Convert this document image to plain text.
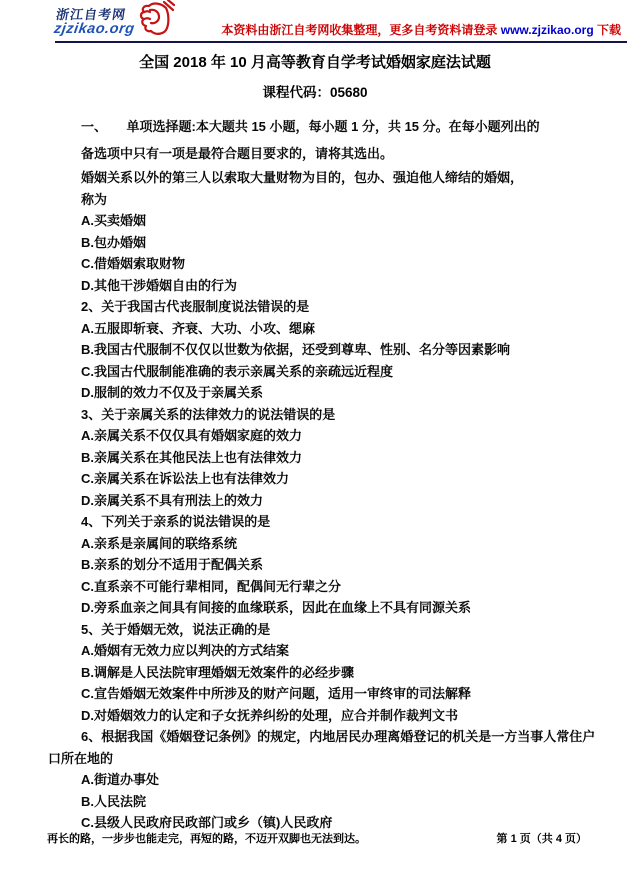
浙江自考网
zjzikao.org	本资料由浙江自考网收集整理，更多自考资料请登录 www.zjzikao.org 下载
全国 2018 年 10 月高等教育自学考试婚姻家庭法试题
课程代码：05680
一、　　单项选择题:本大题共 15 小题，每小题 1 分，共 15 分。在每小题列出的
备选项中只有一项是最符合题目要求的，请将其选出。
婚姻关系以外的第三人以索取大量财物为目的，包办、强迫他人缔结的婚姻，
称为
A.买卖婚姻
B.包办婚姻
C.借婚姻索取财物
D.其他干涉婚姻自由的行为
2、关于我国古代丧服制度说法错误的是
A.五服即斩衰、齐衰、大功、小攻、缌麻
B.我国古代服制不仅仅以世数为依据，还受到尊卑、性别、名分等因素影响
C.我国古代服制能准确的表示亲属关系的亲疏远近程度
D.服制的效力不仅及于亲属关系
3、关于亲属关系的法律效力的说法错误的是
A.亲属关系不仅仅具有婚姻家庭的效力
B.亲属关系在其他民法上也有法律效力
C.亲属关系在诉讼法上也有法律效力
D.亲属关系不具有刑法上的效力
4、下列关于亲系的说法错误的是
A.亲系是亲属间的联络系统
B.亲系的划分不适用于配偶关系
C.直系亲不可能行辈相同，配偶间无行辈之分
D.旁系血亲之间具有间接的血缘联系，因此在血缘上不具有同源关系
5、关于婚姻无效，说法正确的是
A.婚姻有无效力应以判决的方式结案
B.调解是人民法院审理婚姻无效案件的必经步骤
C.宣告婚姻无效案件中所涉及的财产问题，适用一审终审的司法解释
D.对婚姻效力的认定和子女抚养纠纷的处理，应合并制作裁判文书
6、根据我国《婚姻登记条例》的规定，内地居民办理离婚登记的机关是一方当事人常住户
口所在地的
A.街道办事处
B.人民法院
C.县级人民政府民政部门或乡（镇)人民政府
再长的路，一步步也能走完，再短的路，不迈开双脚也无法到达。	第 1 页（共 4 页）
